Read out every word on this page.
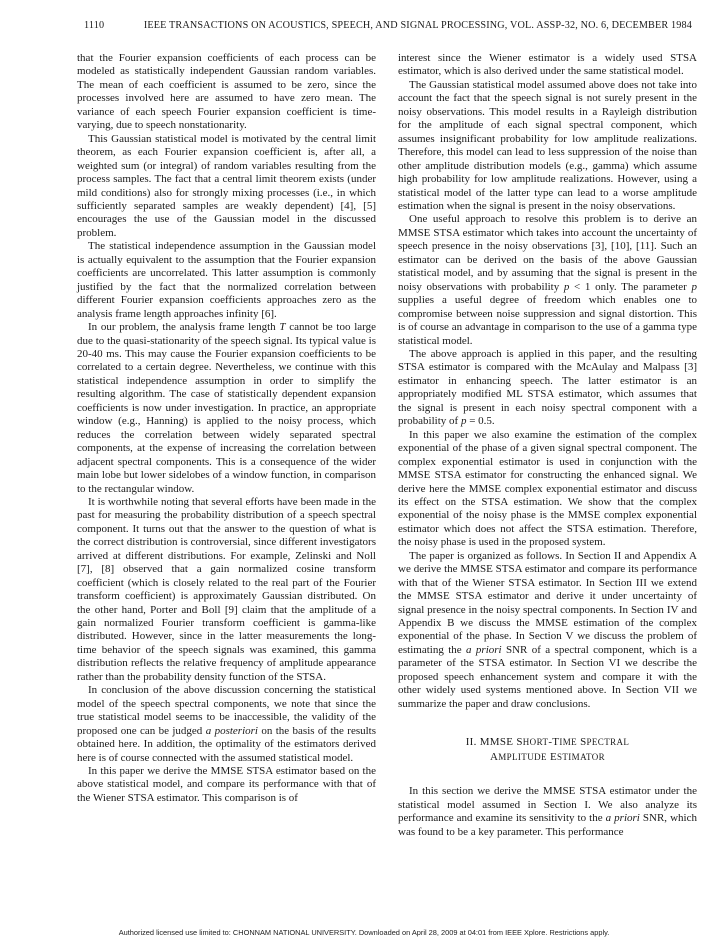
1110	IEEE TRANSACTIONS ON ACOUSTICS, SPEECH, AND SIGNAL PROCESSING, VOL. ASSP-32, NO. 6, DECEMBER 1984

that the Fourier expansion coefficients of each process can be modeled as statistically independent Gaussian random variables. The mean of each coefficient is assumed to be zero, since the processes involved here are assumed to have zero mean. The variance of each speech Fourier expansion coefficient is time-varying, due to speech nonstationarity.

This Gaussian statistical model is motivated by the central limit theorem, as each Fourier expansion coefficient is, after all, a weighted sum (or integral) of random variables resulting from the process samples. The fact that a central limit theorem exists (under mild conditions) also for strongly mixing processes (i.e., in which sufficiently separated samples are weakly dependent) [4], [5] encourages the use of the Gaussian model in the discussed problem.

The statistical independence assumption in the Gaussian model is actually equivalent to the assumption that the Fourier expansion coefficients are uncorrelated. This latter assumption is commonly justified by the fact that the normalized correlation between different Fourier expansion coefficients approaches zero as the analysis frame length approaches infinity [6].

In our problem, the analysis frame length T cannot be too large due to the quasi-stationarity of the speech signal. Its typical value is 20-40 ms. This may cause the Fourier expansion coefficients to be correlated to a certain degree. Nevertheless, we continue with this statistical independence assumption in order to simplify the resulting algorithm. The case of statistically dependent expansion coefficients is now under investigation. In practice, an appropriate window (e.g., Hanning) is applied to the noisy process, which reduces the correlation between widely separated spectral components, at the expense of increasing the correlation between adjacent spectral components. This is a consequence of the wider main lobe but lower sidelobes of a window function, in comparison to the rectangular window.

It is worthwhile noting that several efforts have been made in the past for measuring the probability distribution of a speech spectral component. It turns out that the answer to the question of what is the correct distribution is controversial, since different investigators arrived at different distributions. For example, Zelinski and Noll [7], [8] observed that a gain normalized cosine transform coefficient (which is closely related to the real part of the Fourier transform coefficient) is approximately Gaussian distributed. On the other hand, Porter and Boll [9] claim that the amplitude of a gain normalized Fourier transform coefficient is gamma-like distributed. However, since in the latter measurements the long-time behavior of the speech signals was examined, this gamma distribution reflects the relative frequency of amplitude appearance rather than the probability density function of the STSA.

In conclusion of the above discussion concerning the statistical model of the speech spectral components, we note that since the true statistical model seems to be inaccessible, the validity of the proposed one can be judged a posteriori on the basis of the results obtained here. In addition, the optimality of the estimators derived here is of course connected with the assumed statistical model.

In this paper we derive the MMSE STSA estimator based on the above statistical model, and compare its performance with that of the Wiener STSA estimator. This comparison is of

interest since the Wiener estimator is a widely used STSA estimator, which is also derived under the same statistical model.

The Gaussian statistical model assumed above does not take into account the fact that the speech signal is not surely present in the noisy observations. This model results in a Rayleigh distribution for the amplitude of each signal spectral component, which assumes insignificant probability for low amplitude realizations. Therefore, this model can lead to less suppression of the noise than other amplitude distribution models (e.g., gamma) which assume high probability for low amplitude realizations. However, using a statistical model of the latter type can lead to a worse amplitude estimation when the signal is present in the noisy observations.

One useful approach to resolve this problem is to derive an MMSE STSA estimator which takes into account the uncertainty of speech presence in the noisy observations [3], [10], [11]. Such an estimator can be derived on the basis of the above Gaussian statistical model, and by assuming that the signal is present in the noisy observations with probability p < 1 only. The parameter p supplies a useful degree of freedom which enables one to compromise between noise suppression and signal distortion. This is of course an advantage in comparison to the use of a gamma type statistical model.

The above approach is applied in this paper, and the resulting STSA estimator is compared with the McAulay and Malpass [3] estimator in enhancing speech. The latter estimator is an appropriately modified ML STSA estimator, which assumes that the signal is present in each noisy spectral component with a probability of p = 0.5.

In this paper we also examine the estimation of the complex exponential of the phase of a given signal spectral component. The complex exponential estimator is used in conjunction with the MMSE STSA estimator for constructing the enhanced signal. We derive here the MMSE complex exponential estimator and discuss its effect on the STSA estimation. We show that the complex exponential of the noisy phase is the MMSE complex exponential estimator which does not affect the STSA estimation. Therefore, the noisy phase is used in the proposed system.

The paper is organized as follows. In Section II and Appendix A we derive the MMSE STSA estimator and compare its performance with that of the Wiener STSA estimator. In Section III we extend the MMSE STSA estimator and derive it under uncertainty of signal presence in the noisy spectral components. In Section IV and Appendix B we discuss the MMSE estimation of the complex exponential of the phase. In Section V we discuss the problem of estimating the a priori SNR of a spectral component, which is a parameter of the STSA estimator. In Section VI we describe the proposed speech enhancement system and compare it with the other widely used systems mentioned above. In Section VII we summarize the paper and draw conclusions.

II. MMSE SHORT-TIME SPECTRAL
AMPLITUDE ESTIMATOR

In this section we derive the MMSE STSA estimator under the statistical model assumed in Section I. We also analyze its performance and examine its sensitivity to the a priori SNR, which was found to be a key parameter. This performance

Authorized licensed use limited to: CHONNAM NATIONAL UNIVERSITY. Downloaded on April 28, 2009 at 04:01 from IEEE Xplore. Restrictions apply.
